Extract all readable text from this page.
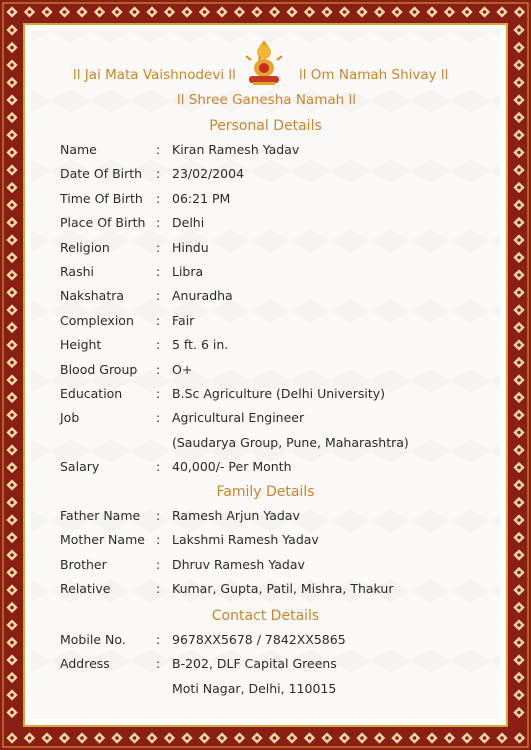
ll Jai Mata Vaishnodevi ll	ll Om Namah Shivay ll
ll Shree Ganesha Namah ll
Personal Details
Name	: Kiran Ramesh Yadav
Date Of Birth : 23/02/2004
Time Of Birth : 06:21 PM
Place Of Birth : Delhi
Religion	: Hindu
Rashi	: Libra
Nakshatra	: Anuradha
Complexion : Fair
Height	: 5 ft. 6 in.
Blood Group : O+
Education	: B.Sc Agriculture (Delhi University)
Job	: Agricultural Engineer
(Saudarya Group, Pune, Maharashtra)
Salary	: 40,000/- Per Month
Family Details
Father Name : Ramesh Arjun Yadav
Mother Name : Lakshmi Ramesh Yadav
Brother	: Dhruv Ramesh Yadav
Relative	: Kumar, Gupta, Patil, Mishra, Thakur
Contact Details
Mobile No. : 9678XX5678 / 7842XX5865
Address	: B-202, DLF Capital Greens
Moti Nagar, Delhi, 110015
